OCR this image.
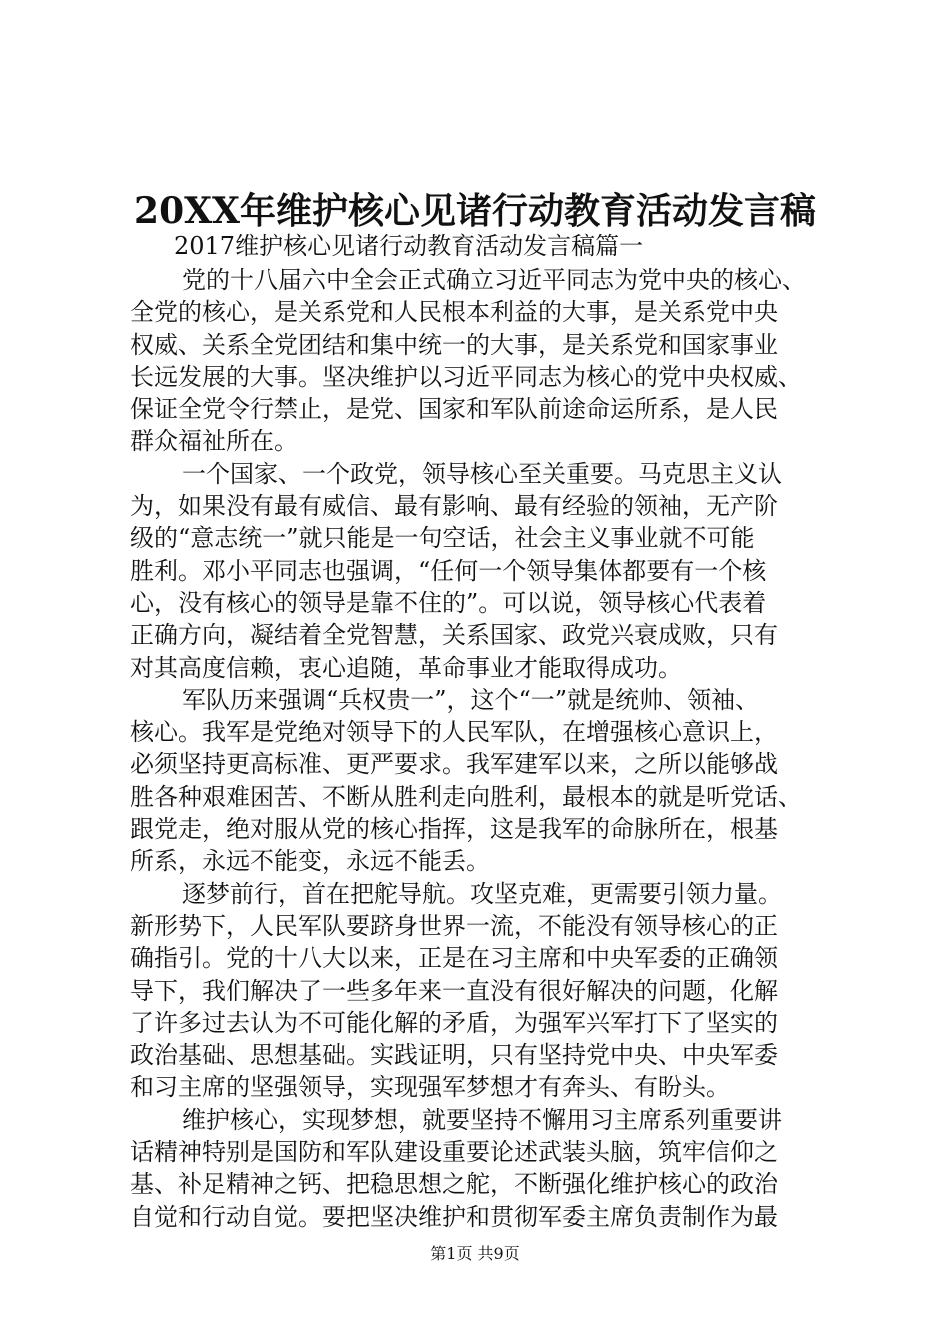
20XX年维护核心见诸行动教育活动发言稿
2017维护核心见诸行动教育活动发言稿篇一
党的十八届六中全会正式确立习近平同志为党中央的核心、
全党的核心，是关系党和人民根本利益的大事，是关系党中央
权威、关系全党团结和集中统一的大事，是关系党和国家事业
长远发展的大事。坚决维护以习近平同志为核心的党中央权威、
保证全党令行禁止，是党、国家和军队前途命运所系，是人民
群众福祉所在。
一个国家、一个政党，领导核心至关重要。马克思主义认
为，如果没有最有威信、最有影响、最有经验的领袖，无产阶
级的“意志统一”就只能是一句空话，社会主义事业就不可能
胜利。邓小平同志也强调，“任何一个领导集体都要有一个核
心，没有核心的领导是靠不住的”。可以说，领导核心代表着
正确方向，凝结着全党智慧，关系国家、政党兴衰成败，只有
对其高度信赖，衷心追随，革命事业才能取得成功。
军队历来强调“兵权贵一”，这个“一”就是统帅、领袖、
核心。我军是党绝对领导下的人民军队，在增强核心意识上，
必须坚持更高标准、更严要求。我军建军以来，之所以能够战
胜各种艰难困苦、不断从胜利走向胜利，最根本的就是听党话、
跟党走，绝对服从党的核心指挥，这是我军的命脉所在，根基
所系，永远不能变，永远不能丢。
逐梦前行，首在把舵导航。攻坚克难，更需要引领力量。
新形势下，人民军队要跻身世界一流，不能没有领导核心的正
确指引。党的十八大以来，正是在习主席和中央军委的正确领
导下，我们解决了一些多年来一直没有很好解决的问题，化解
了许多过去认为不可能化解的矛盾，为强军兴军打下了坚实的
政治基础、思想基础。实践证明，只有坚持党中央、中央军委
和习主席的坚强领导，实现强军梦想才有奔头、有盼头。
维护核心，实现梦想，就要坚持不懈用习主席系列重要讲
话精神特别是国防和军队建设重要论述武装头脑，筑牢信仰之
基、补足精神之钙、把稳思想之舵，不断强化维护核心的政治
自觉和行动自觉。要把坚决维护和贯彻军委主席负责制作为最
第1页 共9页
